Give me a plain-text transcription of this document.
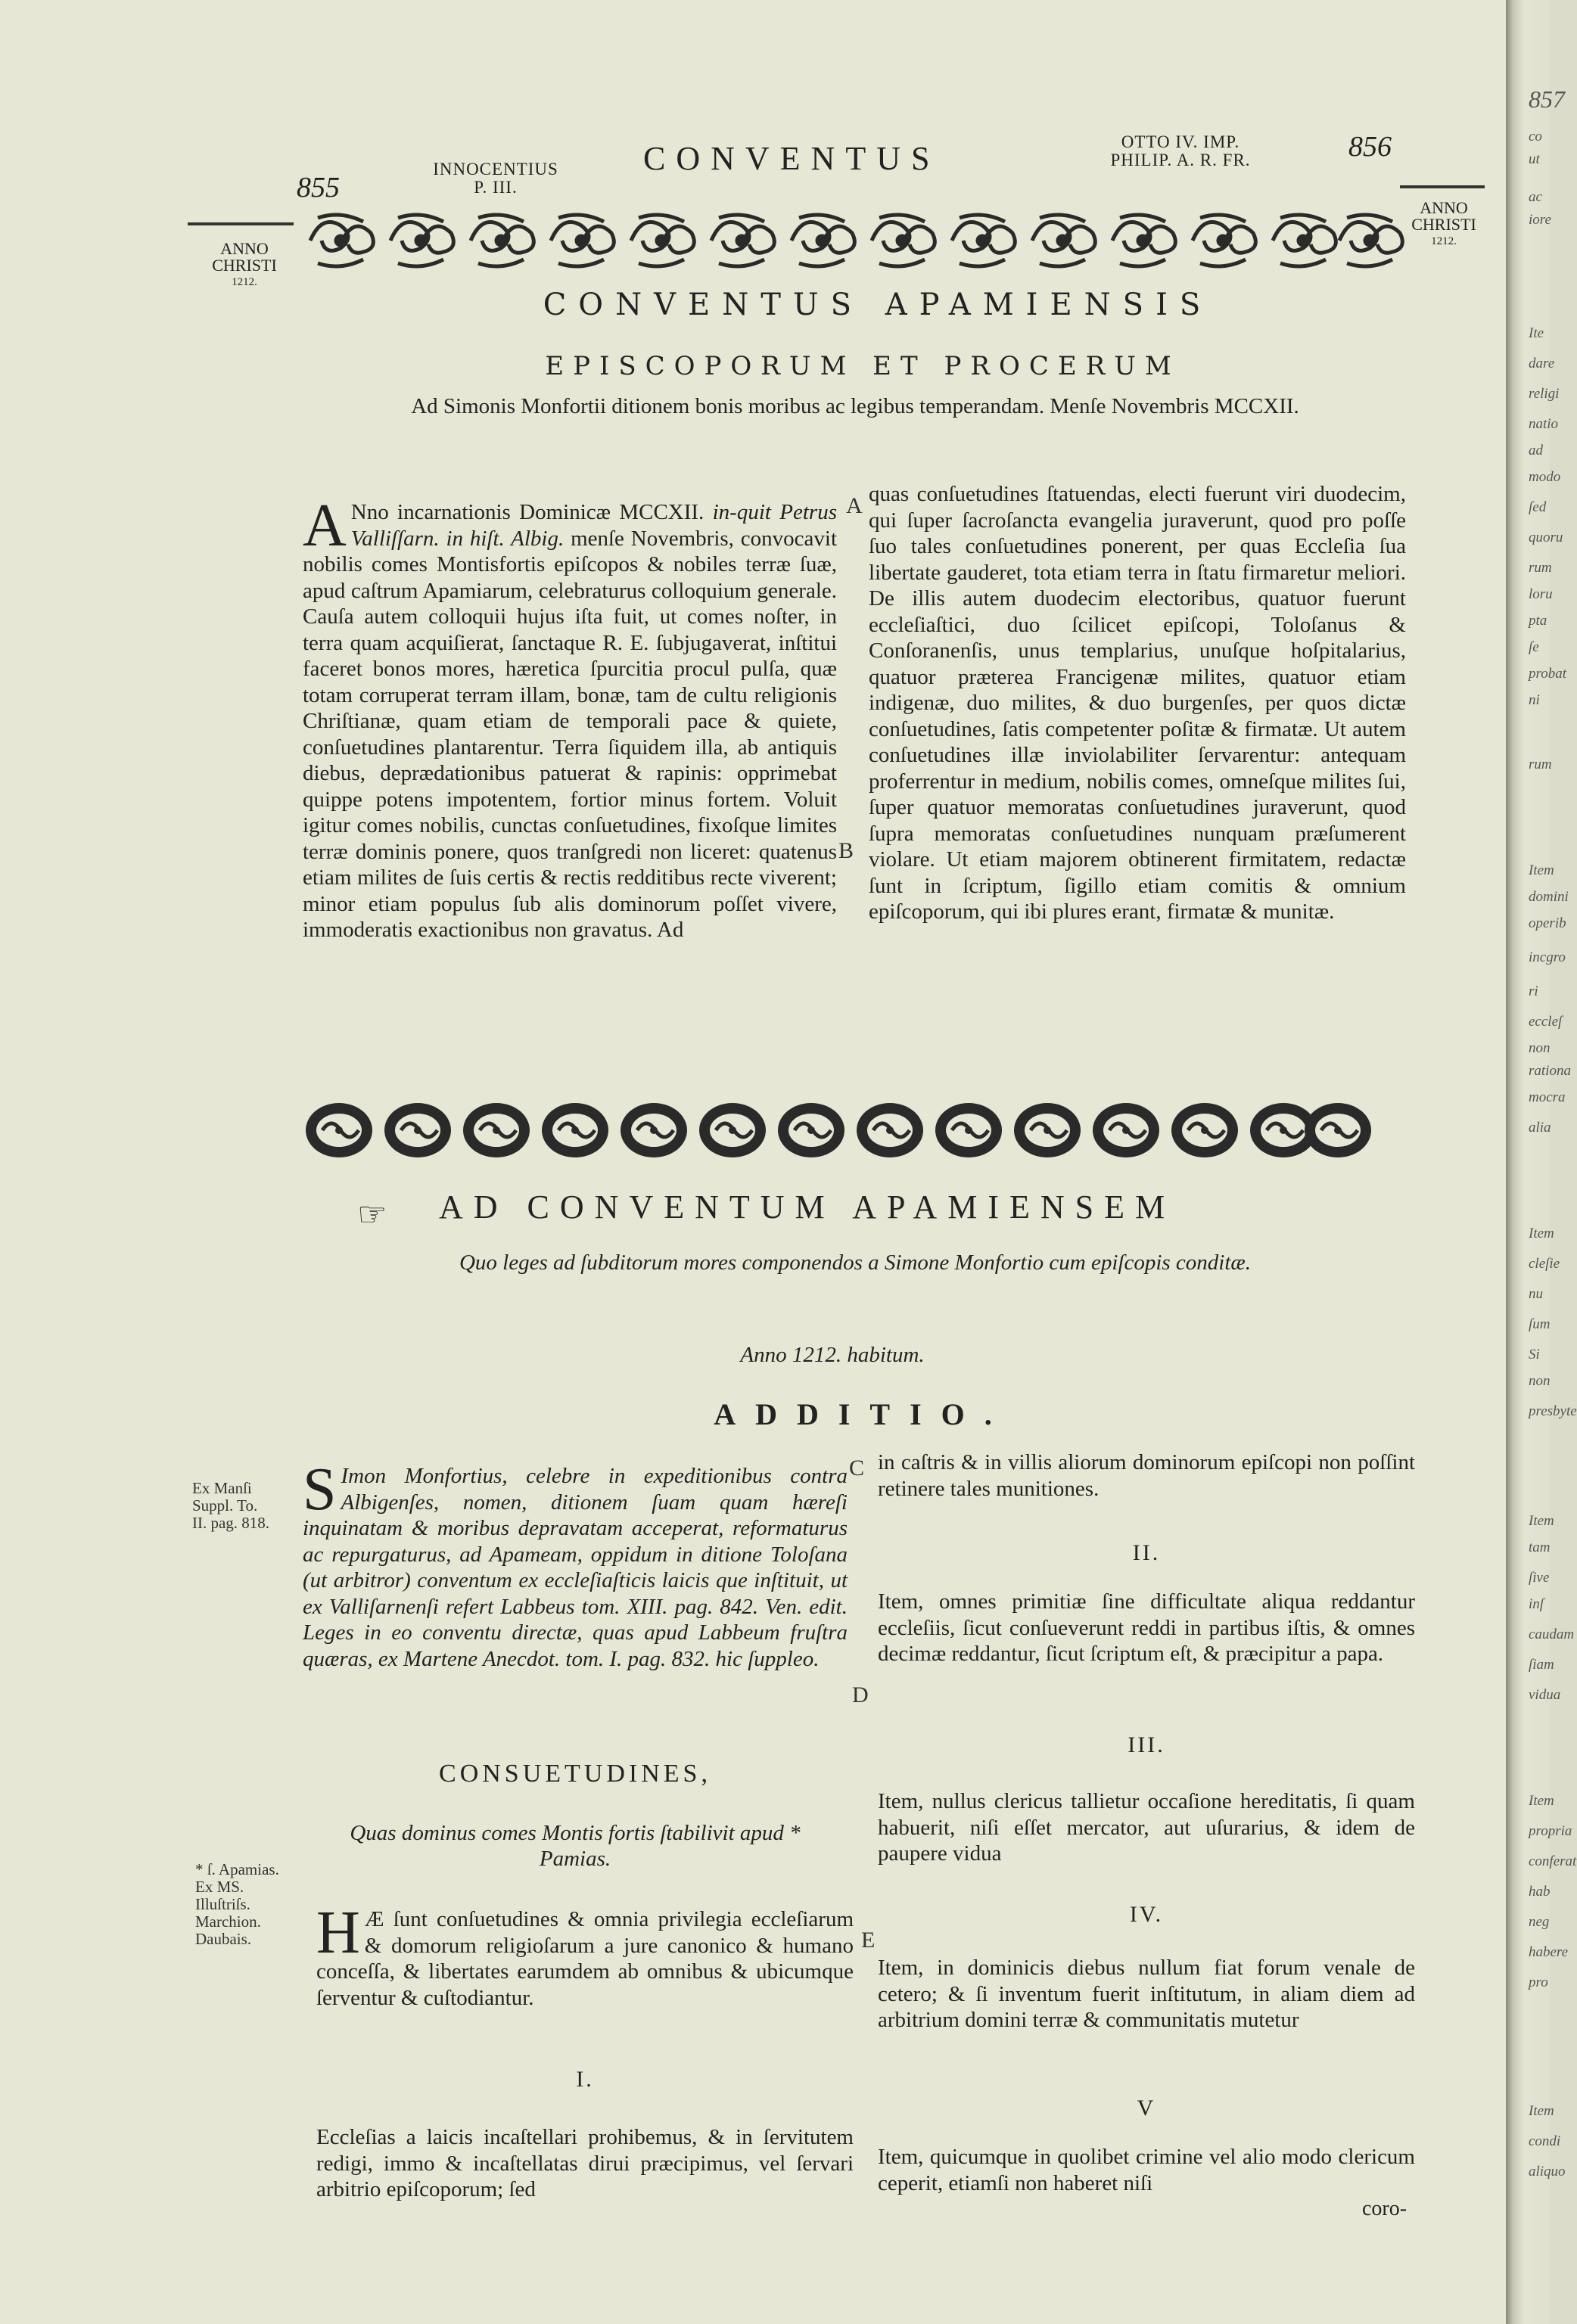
855
INNOCENTIUS
P. III.
CONVENTUS	OTTO IV. IMP.
PHILIP. A. R. FR.	856
ANNO
CHRISTI
1212.
ANNO
CHRISTI
1212.
CONVENTUS APAMIENSIS
EPISCOPORUM ET PROCERUM
Ad Simonis Monfortii ditionem bonis moribus ac legibus temperandam. Menſe Novembris MCCXII.
A Nno incarnationis Dominicæ MCCXII. in-quit Petrus Valliſſarn. in hiſt. Albig. menſe Novembris, convocavit nobilis comes Montisfortis epiſcopos & nobiles terræ ſuæ, apud caſtrum Apamiarum, celebraturus colloquium generale. Cauſa autem colloquii hujus iſta fuit, ut comes noſter, in terra quam acquiſierat, ſanctaque R. E. ſubjugaverat, inſtitui faceret bonos mores, hæretica ſpurcitia procul pulſa, quæ totam corruperat terram illam, bonæ, tam de cultu religionis Chriſtianæ, quam etiam de temporali pace & quiete, conſuetudines plantarentur. Terra ſiquidem illa, ab antiquis diebus, deprædationibus patuerat & rapinis: opprimebat quippe potens impotentem, fortior minus fortem. Voluit igitur comes nobilis, cunctas conſuetudines, fixoſque limites terræ dominis ponere, quos tranſgredi non liceret: quatenus etiam milites de ſuis certis & rectis redditibus recte viverent; minor etiam populus ſub alis dominorum poſſet vivere, immoderatis exactionibus non gravatus. Ad
quas conſuetudines ſtatuendas, electi fuerunt viri duodecim, qui ſuper ſacroſancta evangelia juraverunt, quod pro poſſe ſuo tales conſuetudines ponerent, per quas Eccleſia ſua libertate gauderet, tota etiam terra in ſtatu firmaretur meliori. De illis autem duodecim electoribus, quatuor fuerunt eccleſiaſtici, duo ſcilicet epiſcopi, Toloſanus & Conſoranenſis, unus templarius, unuſque hoſpitalarius, quatuor præterea Francigenæ milites, quatuor etiam indigenæ, duo milites, & duo burgenſes, per quos dictæ conſuetudines, ſatis competenter poſitæ & firmatæ. Ut autem conſuetudines illæ inviolabiliter ſervarentur: antequam proferrentur in medium, nobilis comes, omneſque milites ſui, ſuper quatuor memoratas conſuetudines juraverunt, quod ſupra memoratas conſuetudines nunquam præſumerent violare. Ut etiam majorem obtinerent firmitatem, redactæ ſunt in ſcriptum, ſigillo etiam comitis & omnium epiſcoporum, qui ibi plures erant, firmatæ & munitæ.
A
B
C
D
E
☞ AD CONVENTUM APAMIENSEM
Quo leges ad ſubditorum mores componendos a Simone Monfortio cum epiſcopis conditæ.
Anno 1212. habitum.
ADDITIO.
Ex Manſi
Suppl. To.
II. pag. 818. S Imon Monfortius, celebre in expeditionibus contra Albigenſes, nomen, ditionem ſuam quam hæreſi inquinatam & moribus depravatam acceperat, reformaturus ac repurgaturus, ad Apameam, oppidum in ditione Toloſana (ut arbitror) conventum ex eccleſiaſticis laicis que inſtituit, ut ex Valliſarnenſi refert Labbeus tom. XIII. pag. 842. Ven. edit. Leges in eo conventu directæ, quas apud Labbeum fruſtra quæras, ex Martene Anecdot. tom. I. pag. 832. hic ſuppleo.
CONSUETUDINES,
Quas dominus comes Montis fortis ſtabilivit apud * Pamias.
* ſ. Apamias.
Ex MS.
Illuſtriſs.
Marchion.
Daubais.	H Æ ſunt conſuetudines & omnia privilegia eccleſiarum & domorum religioſarum a jure canonico & humano conceſſa, & libertates earumdem ab omnibus & ubicumque ſerventur & cuſtodiantur.
I.
Eccleſias a laicis incaſtellari prohibemus, & in ſervitutem redigi, immo & incaſtellatas dirui præcipimus, vel ſervari arbitrio epiſcoporum; ſed
in caſtris & in villis aliorum dominorum epiſcopi non poſſint retinere tales munitiones.
II.
Item, omnes primitiæ ſine difficultate aliqua reddantur eccleſiis, ſicut conſueverunt reddi in partibus iſtis, & omnes decimæ reddantur, ſicut ſcriptum eſt, & præcipitur a papa.
III.
Item, nullus clericus tallietur occaſione hereditatis, ſi quam habuerit, niſi eſſet mercator, aut uſurarius, & idem de paupere vidua
IV.
Item, in dominicis diebus nullum fiat forum venale de cetero; & ſi inventum fuerit inſtitutum, in aliam diem ad arbitrium domini terræ & communitatis mutetur
V
Item, quicumque in quolibet crimine vel alio modo clericum ceperit, etiamſi non haberet niſi
coro-
857
co
ut
ac
iore
Ite
dare
religi
natio
ad
modo
ſed
quoru
rum
loru
pta
ſe
probat
ni
rum
Item
domini
operib
incgro
ri
eccleſ
non
rationa
mocra
alia
Item
cleſie
nu
ſum
Si
non
presbyte
Item
tam
ſive
inſ
caudam
ſiam
vidua
Item
propria
conferat
hab
neg
habere
pro
Item
condi
aliquo
